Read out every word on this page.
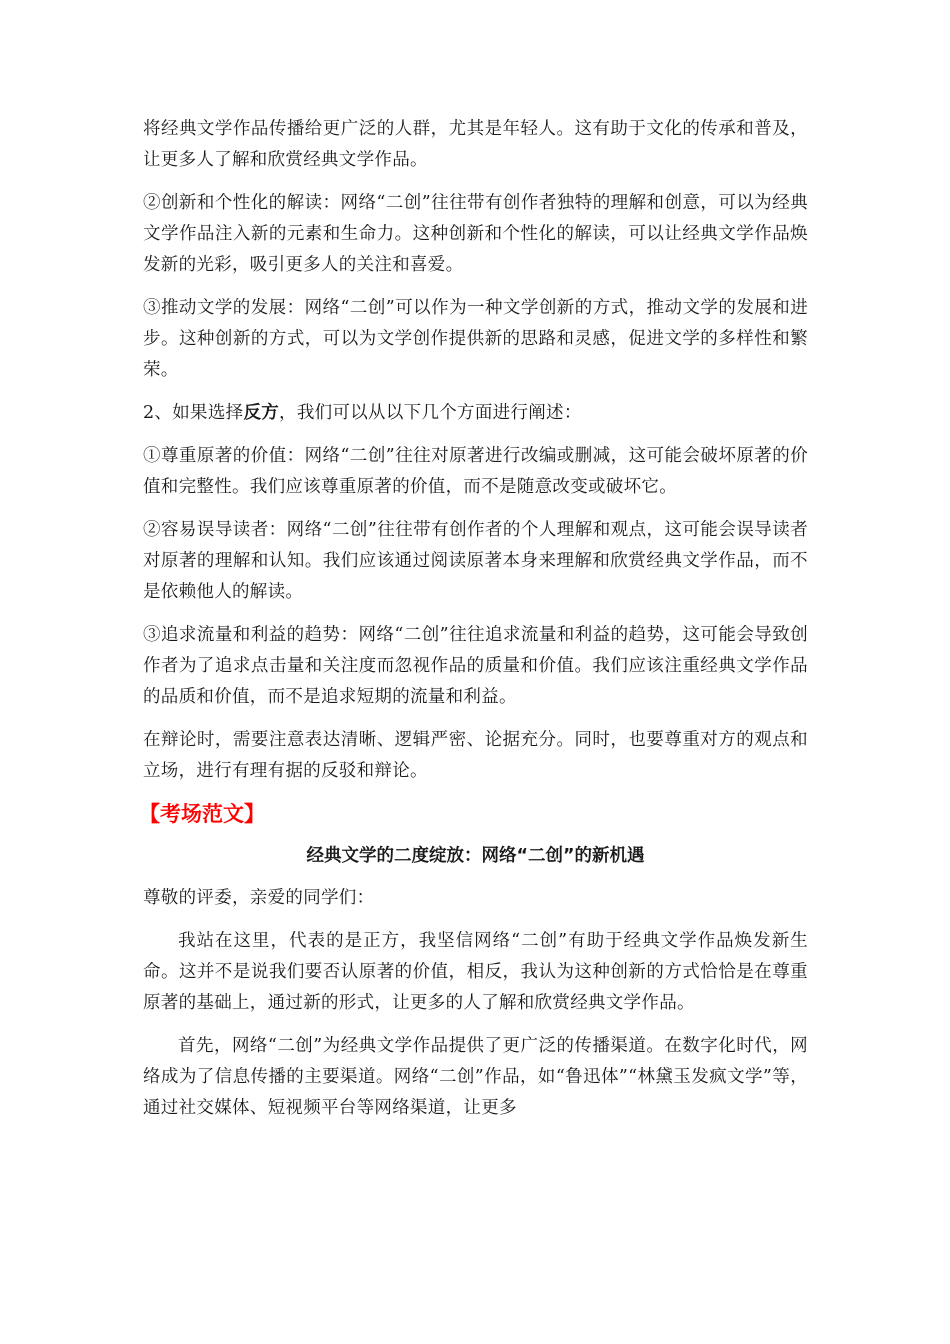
将经典文学作品传播给更广泛的人群，尤其是年轻人。这有助于文化的传承和普及，让更多人了解和欣赏经典文学作品。

②创新和个性化的解读：网络“二创”往往带有创作者独特的理解和创意，可以为经典文学作品注入新的元素和生命力。这种创新和个性化的解读，可以让经典文学作品焕发新的光彩，吸引更多人的关注和喜爱。

③推动文学的发展：网络“二创”可以作为一种文学创新的方式，推动文学的发展和进步。这种创新的方式，可以为文学创作提供新的思路和灵感，促进文学的多样性和繁荣。

2、如果选择反方，我们可以从以下几个方面进行阐述：

①尊重原著的价值：网络“二创”往往对原著进行改编或删减，这可能会破坏原著的价值和完整性。我们应该尊重原著的价值，而不是随意改变或破坏它。

②容易误导读者：网络“二创”往往带有创作者的个人理解和观点，这可能会误导读者对原著的理解和认知。我们应该通过阅读原著本身来理解和欣赏经典文学作品，而不是依赖他人的解读。

③追求流量和利益的趋势：网络“二创”往往追求流量和利益的趋势，这可能会导致创作者为了追求点击量和关注度而忽视作品的质量和价值。我们应该注重经典文学作品的品质和价值，而不是追求短期的流量和利益。

在辩论时，需要注意表达清晰、逻辑严密、论据充分。同时，也要尊重对方的观点和立场，进行有理有据的反驳和辩论。

【考场范文】
经典文学的二度绽放：网络“二创”的新机遇

尊敬的评委，亲爱的同学们：

我站在这里，代表的是正方，我坚信网络“二创”有助于经典文学作品焕发新生命。这并不是说我们要否认原著的价值，相反，我认为这种创新的方式恰恰是在尊重原著的基础上，通过新的形式，让更多的人了解和欣赏经典文学作品。

首先，网络“二创”为经典文学作品提供了更广泛的传播渠道。在数字化时代，网络成为了信息传播的主要渠道。网络“二创”作品，如“鲁迅体”“林黛玉发疯文学”等，通过社交媒体、短视频平台等网络渠道，让更多
